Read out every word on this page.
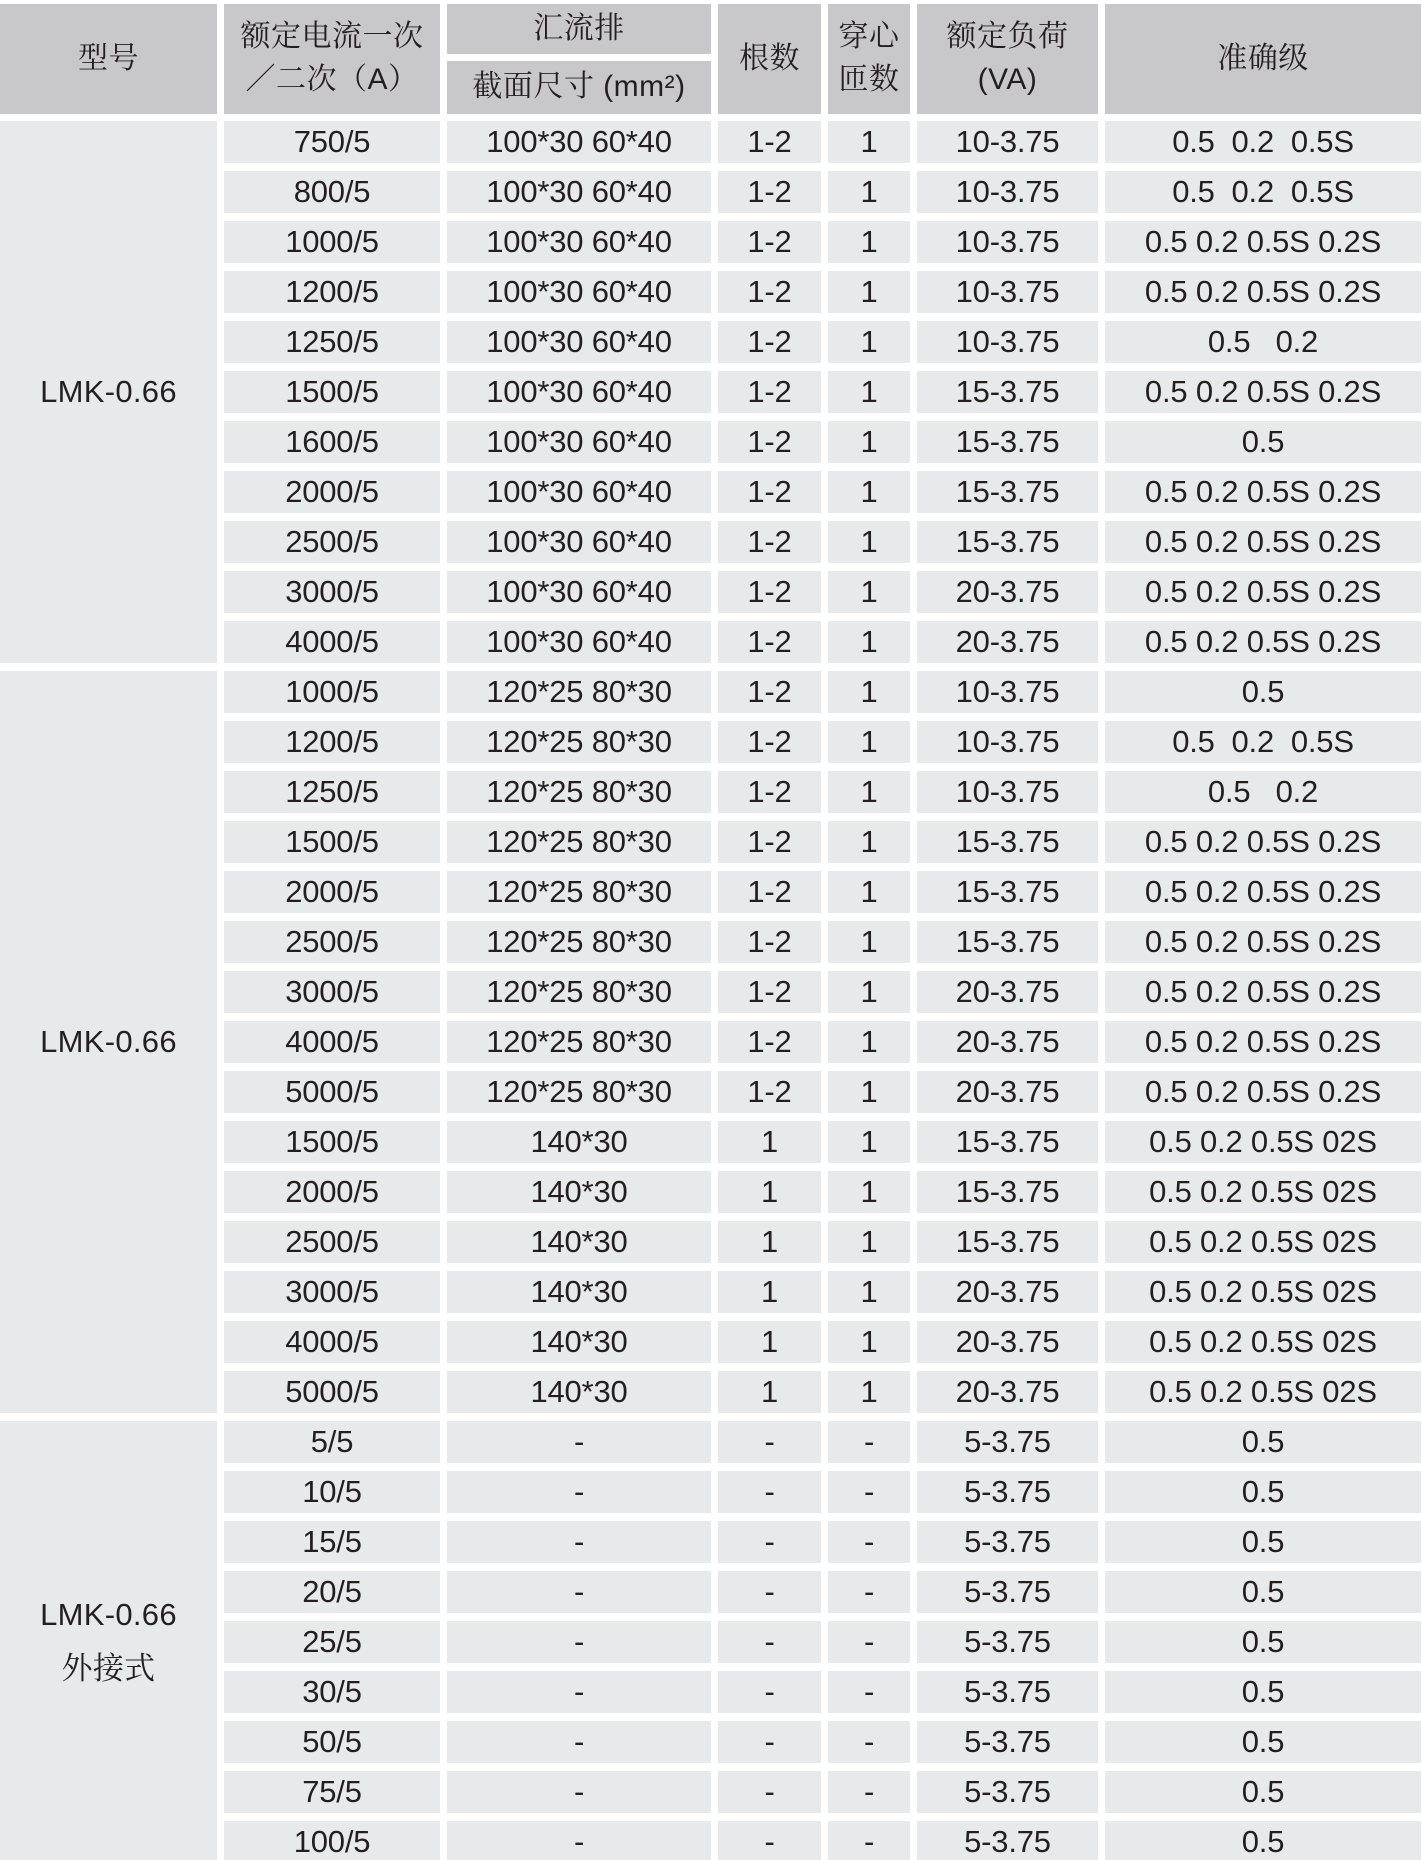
型号
额定电流一次
／二次（A）
汇流排
截面尺寸 (mm²)
根数
穿心
匝数
额定负荷
(VA)
准确级
LMK-0.66
750/5
800/5
1000/5
1200/5
1250/5
1500/5
1600/5
2000/5
2500/5
3000/5
4000/5
100*30 60*40
100*30 60*40
100*30 60*40
100*30 60*40
100*30 60*40
100*30 60*40
100*30 60*40
100*30 60*40
100*30 60*40
100*30 60*40
100*30 60*40
1-2
1-2
1-2
1-2
1-2
1-2
1-2
1-2
1-2
1-2
1-2
1
1
1
1
1
1
1
1
1
1
1
10-3.75
10-3.75
10-3.75
10-3.75
10-3.75
15-3.75
15-3.75
15-3.75
15-3.75
20-3.75
20-3.75
0.5  0.2  0.5S
0.5  0.2  0.5S
0.5 0.2 0.5S 0.2S
0.5 0.2 0.5S 0.2S
0.5   0.2
0.5 0.2 0.5S 0.2S
0.5
0.5 0.2 0.5S 0.2S
0.5 0.2 0.5S 0.2S
0.5 0.2 0.5S 0.2S
0.5 0.2 0.5S 0.2S
LMK-0.66
1000/5
1200/5
1250/5
1500/5
2000/5
2500/5
3000/5
4000/5
5000/5
1500/5
2000/5
2500/5
3000/5
4000/5
5000/5
120*25 80*30
120*25 80*30
120*25 80*30
120*25 80*30
120*25 80*30
120*25 80*30
120*25 80*30
120*25 80*30
120*25 80*30
140*30
140*30
140*30
140*30
140*30
140*30
1-2
1-2
1-2
1-2
1-2
1-2
1-2
1-2
1-2
1
1
1
1
1
1
1
1
1
1
1
1
1
1
1
1
1
1
1
1
1
10-3.75
10-3.75
10-3.75
15-3.75
15-3.75
15-3.75
20-3.75
20-3.75
20-3.75
15-3.75
15-3.75
15-3.75
20-3.75
20-3.75
20-3.75
0.5
0.5  0.2  0.5S
0.5   0.2
0.5 0.2 0.5S 0.2S
0.5 0.2 0.5S 0.2S
0.5 0.2 0.5S 0.2S
0.5 0.2 0.5S 0.2S
0.5 0.2 0.5S 0.2S
0.5 0.2 0.5S 0.2S
0.5 0.2 0.5S 02S
0.5 0.2 0.5S 02S
0.5 0.2 0.5S 02S
0.5 0.2 0.5S 02S
0.5 0.2 0.5S 02S
0.5 0.2 0.5S 02S
LMK-0.66
外接式
5/5
10/5
15/5
20/5
25/5
30/5
50/5
75/5
100/5
-
-
-
-
-
-
-
-
-
-
-
-
-
-
-
-
-
-
-
-
-
-
-
-
-
-
-
5-3.75
5-3.75
5-3.75
5-3.75
5-3.75
5-3.75
5-3.75
5-3.75
5-3.75
0.5
0.5
0.5
0.5
0.5
0.5
0.5
0.5
0.5
